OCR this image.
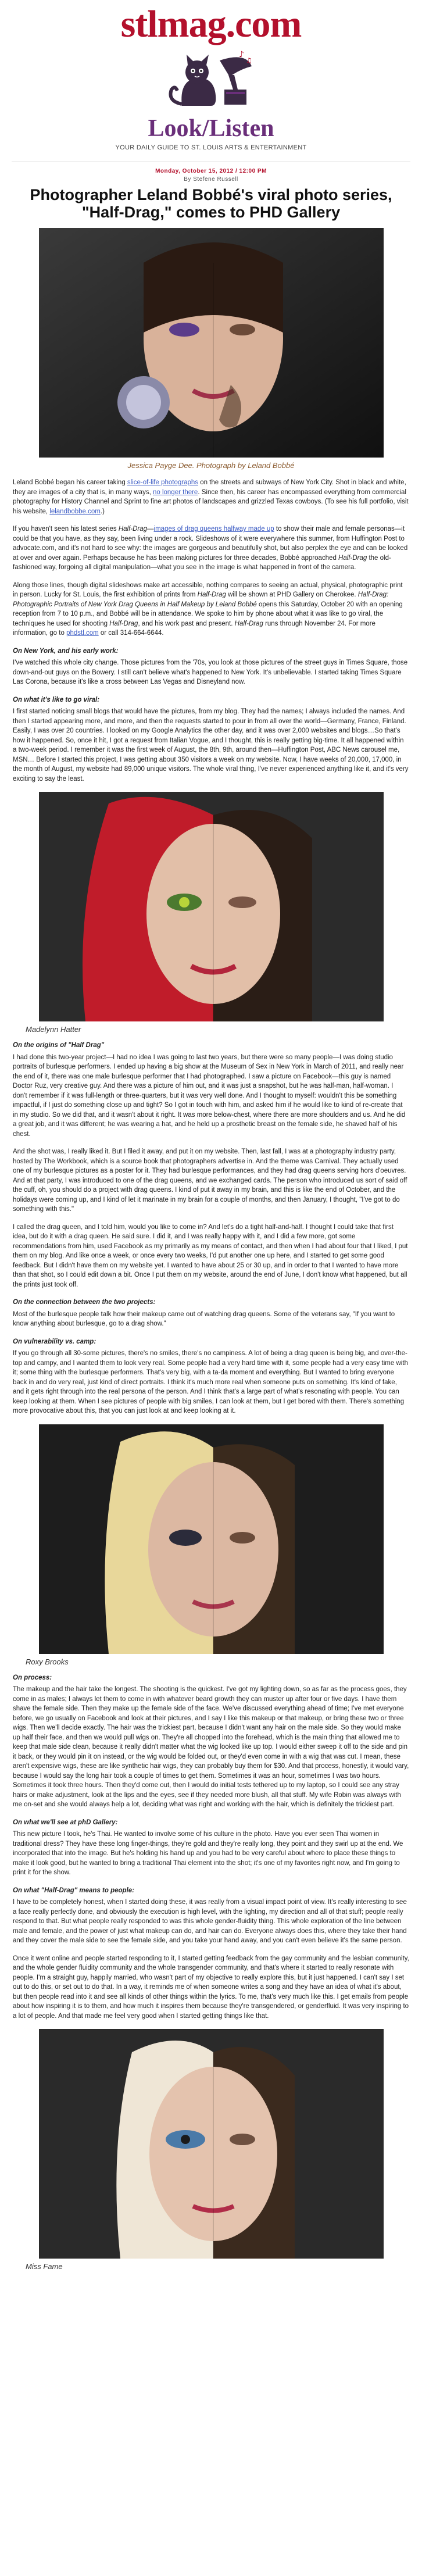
stlmag.com
♪
♫
Look/Listen
YOUR DAILY GUIDE TO ST. LOUIS ARTS & ENTERTAINMENT
Monday, October 15, 2012 / 12:00 PM
By Stefene Russell
Photographer Leland Bobbé's viral photo series, "Half-Drag," comes to PHD Gallery
Jessica Payge Dee. Photograph by Leland Bobbé

Leland Bobbé began his career taking slice-of-life photographs on the streets and subways of New York City. Shot in black and white, they are images of a city that is, in many ways, no longer there. Since then, his career has encompassed everything from commercial photography for History Channel and Sprint to fine art photos of landscapes and grizzled Texas cowboys. (To see his full portfolio, visit his website, lelandbobbe.com.)

If you haven't seen his latest series Half-Drag—images of drag queens halfway made up to show their male and female personas—it could be that you have, as they say, been living under a rock. Slideshows of it were everywhere this summer, from Huffington Post to advocate.com, and it's not hard to see why: the images are gorgeous and beautifully shot, but also perplex the eye and can be looked at over and over again. Perhaps because he has been making pictures for three decades, Bobbé approached Half-Drag the old-fashioned way, forgoing all digital manipulation—what you see in the image is what happened in front of the camera.

Along those lines, though digital slideshows make art accessible, nothing compares to seeing an actual, physical, photographic print in person. Lucky for St. Louis, the first exhibition of prints from Half-Drag will be shown at PHD Gallery on Cherokee. Half-Drag: Photographic Portraits of New York Drag Queens in Half Makeup by Leland Bobbé opens this Saturday, October 20 with an opening reception from 7 to 10 p.m., and Bobbé will be in attendance. We spoke to him by phone about what it was like to go viral, the techniques he used for shooting Half-Drag, and his work past and present. Half-Drag runs through November 24. For more information, go to phdstl.com or call 314-664-6644.

On New York, and his early work:

I've watched this whole city change. Those pictures from the '70s, you look at those pictures of the street guys in Times Square, those down-and-out guys on the Bowery. I still can't believe what's happened to New York. It's unbelievable. I started taking Times Square Las Corona, because it's like a cross between Las Vegas and Disneyland now.

On what it's like to go viral:

I first started noticing small blogs that would have the pictures, from my blog. They had the names; I always included the names. And then I started appearing more, and more, and then the requests started to pour in from all over the world—Germany, France, Finland. Easily, I was over 20 countries. I looked on my Google Analytics the other day, and it was over 2,000 websites and blogs…So that's how it happened. So, once it hit, I got a request from Italian Vogue, and I thought, this is really getting big-time. It all happened within a two-week period. I remember it was the first week of August, the 8th, 9th, around then—Huffington Post, ABC News carousel me, MSN… Before I started this project, I was getting about 350 visitors a week on my website. Now, I have weeks of 20,000, 17,000, in the month of August, my website had 89,000 unique visitors. The whole viral thing, I've never experienced anything like it, and it's very exciting to say the least.

Madelynn Hatter

On the origins of "Half Drag"

I had done this two-year project—I had no idea I was going to last two years, but there were so many people—I was doing studio portraits of burlesque performers. I ended up having a big show at the Museum of Sex in New York in March of 2011, and really near the end of it, there was one male burlesque performer that I had photographed. I saw a picture on Facebook—this guy is named Doctor Ruz, very creative guy. And there was a picture of him out, and it was just a snapshot, but he was half-man, half-woman. I don't remember if it was full-length or three-quarters, but it was very well done. And I thought to myself: wouldn't this be something impactful, if I just do something close up and tight? So I got in touch with him, and asked him if he would like to kind of re-create that in my studio. So we did that, and it wasn't about it right. It was more below-chest, where there are more shoulders and us. And he did a great job, and it was different; he was wearing a hat, and he held up a prosthetic breast on the female side, he shaved half of his chest.

And the shot was, I really liked it. But I filed it away, and put it on my website. Then, last fall, I was at a photography industry party, hosted by The Workbook, which is a source book that photographers advertise in. And the theme was Carnival. They actually used one of my burlesque pictures as a poster for it. They had burlesque performances, and they had drag queens serving hors d'oeuvres. And at that party, I was introduced to one of the drag queens, and we exchanged cards. The person who introduced us sort of said off the cuff, oh, you should do a project with drag queens. I kind of put it away in my brain, and this is like the end of October, and the holidays were coming up, and I kind of let it marinate in my brain for a couple of months, and then January, I thought, "I've got to do something with this."

I called the drag queen, and I told him, would you like to come in? And let's do a tight half-and-half. I thought I could take that first idea, but do it with a drag queen. He said sure. I did it, and I was really happy with it, and I did a few more, got some recommendations from him, used Facebook as my primarily as my means of contact, and then when I had about four that I liked, I put them on my blog. And like once a week, or once every two weeks, I'd put another one up here, and I started to get some good feedback. But I didn't have them on my website yet. I wanted to have about 25 or 30 up, and in order to that I wanted to have more than that shot, so I could edit down a bit. Once I put them on my website, around the end of June, I don't know what happened, but all the prints just took off.

On the connection between the two projects:

Most of the burlesque people talk how their makeup came out of watching drag queens. Some of the veterans say, "If you want to know anything about burlesque, go to a drag show."

On vulnerability vs. camp:

If you go through all 30-some pictures, there's no smiles, there's no campiness. A lot of being a drag queen is being big, and over-the-top and campy, and I wanted them to look very real. Some people had a very hard time with it, some people had a very easy time with it; some thing with the burlesque performers. That's very big, with a ta-da moment and everything. But I wanted to bring everyone back in and do very real, just kind of direct portraits. I think it's much more real when someone puts on something. It's kind of fake, and it gets right through into the real persona of the person. And I think that's a large part of what's resonating with people. You can keep looking at them. When I see pictures of people with big smiles, I can look at them, but I get bored with them. There's something more provocative about this, that you can just look at and keep looking at it.

Roxy Brooks

On process:

The makeup and the hair take the longest. The shooting is the quickest. I've got my lighting down, so as far as the process goes, they come in as males; I always let them to come in with whatever beard growth they can muster up after four or five days. I have them shave the female side. Then they make up the female side of the face. We've discussed everything ahead of time; I've met everyone before, we go usually on Facebook and look at their pictures, and I say I like this makeup or that makeup, or bring these two or three wigs. Then we'll decide exactly. The hair was the trickiest part, because I didn't want any hair on the male side. So they would make up half their face, and then we would pull wigs on. They're all chopped into the forehead, which is the main thing that allowed me to keep that male side clean, because it really didn't matter what the wig looked like up top. I would either sweep it off to the side and pin it back, or they would pin it on instead, or the wig would be folded out, or they'd even come in with a wig that was cut. I mean, these aren't expensive wigs, these are like synthetic hair wigs, they can probably buy them for $30. And that process, honestly, it would vary, because I would say the long hair took a couple of times to get them. Sometimes it was an hour, sometimes I was two hours. Sometimes it took three hours. Then they'd come out, then I would do initial tests tethered up to my laptop, so I could see any stray hairs or make adjustment, look at the lips and the eyes, see if they needed more blush, all that stuff. My wife Robin was always with me on-set and she would always help a lot, deciding what was right and working with the hair, which is definitely the trickiest part.

On what we'll see at phD Gallery:

This new picture I took, he's Thai. He wanted to involve some of his culture in the photo. Have you ever seen Thai women in traditional dress? They have these long finger-things, they're gold and they're really long, they point and they swirl up at the end. We incorporated that into the image. But he's holding his hand up and you had to be very careful about where to place these things to make it look good, but he wanted to bring a traditional Thai element into the shot; it's one of my favorites right now, and I'm going to print it for the show.

On what "Half-Drag" means to people:

I have to be completely honest, when I started doing these, it was really from a visual impact point of view. It's really interesting to see a face really perfectly done, and obviously the execution is high level, with the lighting, my direction and all of that stuff; people really respond to that. But what people really responded to was this whole gender-fluidity thing. This whole exploration of the line between male and female, and the power of just what makeup can do, and hair can do. Everyone always does this, where they take their hand and they cover the male side to see the female side, and you take your hand away, and you can't even believe it's the same person.

Once it went online and people started responding to it, I started getting feedback from the gay community and the lesbian community, and the whole gender fluidity community and the whole transgender community, and that's where it started to really resonate with people. I'm a straight guy, happily married, who wasn't part of my objective to really explore this, but it just happened. I can't say I set out to do this, or set out to do that. In a way, it reminds me of when someone writes a song and they have an idea of what it's about, but then people read into it and see all kinds of other things within the lyrics. To me, that's very much like this. I get emails from people about how inspiring it is to them, and how much it inspires them because they're transgendered, or genderfluid. It was very inspiring to a lot of people. And that made me feel very good when I started getting things like that.

Miss Fame
